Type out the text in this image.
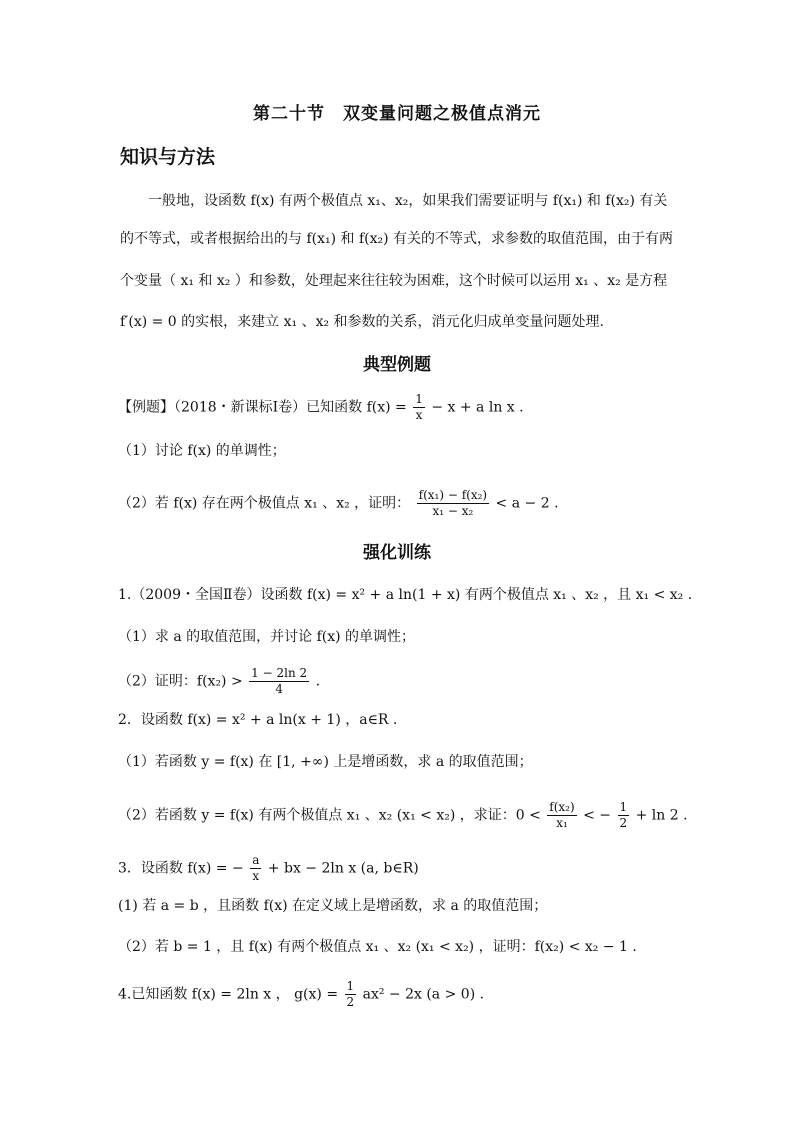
第二十节　双变量问题之极值点消元
知识与方法
　　一般地，设函数 f(x) 有两个极值点 x₁、x₂，如果我们需要证明与 f(x₁) 和 f(x₂) 有关
的不等式，或者根据给出的与 f(x₁) 和 f(x₂) 有关的不等式，求参数的取值范围，由于有两
个变量（ x₁ 和 x₂ ）和参数，处理起来往往较为困难，这个时候可以运用 x₁ 、x₂ 是方程
f′(x) = 0 的实根，来建立 x₁ 、x₂ 和参数的关系，消元化归成单变量问题处理.
典型例题
【例题】（2018・新课标Ⅰ卷）已知函数 $f(x) = \frac{1}{x} - x + a$ ln x .
（1）讨论 f(x) 的单调性；
（2）若 f(x) 存在两个极值点 x₁ 、x₂ ，证明： $\frac{\text{f(x₁) − f(x₂)}}{\text{x₁ − x₂}} < a - 2$ .
强化训练
1.（2009・全国Ⅱ卷）设函数 f(x) = x² + a ln(1 + x) 有两个极值点 x₁ 、x₂ ，且 x₁ < x₂ .
（1）求 a 的取值范围，并讨论 f(x) 的单调性；
（2）证明：$f(x_2) > \frac{1 - 2\ln 2}{4}$ .
2．设函数 f(x) = x² + a ln(x + 1) ，a∈R .
（1）若函数 y = f(x) 在 [1, +∞) 上是增函数，求 a 的取值范围；
（2）若函数 y = f(x) 有两个极值点 x₁ 、x₂ (x₁ < x₂) ，求证：$0 < \frac{\text{f(x₂)}}{\text{x₁}}$ < − $\frac{1}{2} + \ln 2$ .
3．设函数 f(x) = − $\frac{a}{x}$ + bx − 2ln x (a, b∈R)
(1) 若 a = b ，且函数 f(x) 在定义域上是增函数，求 a 的取值范围；
（2）若 b = 1 ，且 f(x) 有两个极值点 x₁ 、x₂ (x₁ < x₂) ，证明：f(x₂) < x₂ − 1 .
4.已知函数 f(x) = 2ln x ， $g(x) = \frac{1}{2} ax^2 - 2x$ (a > 0) .
